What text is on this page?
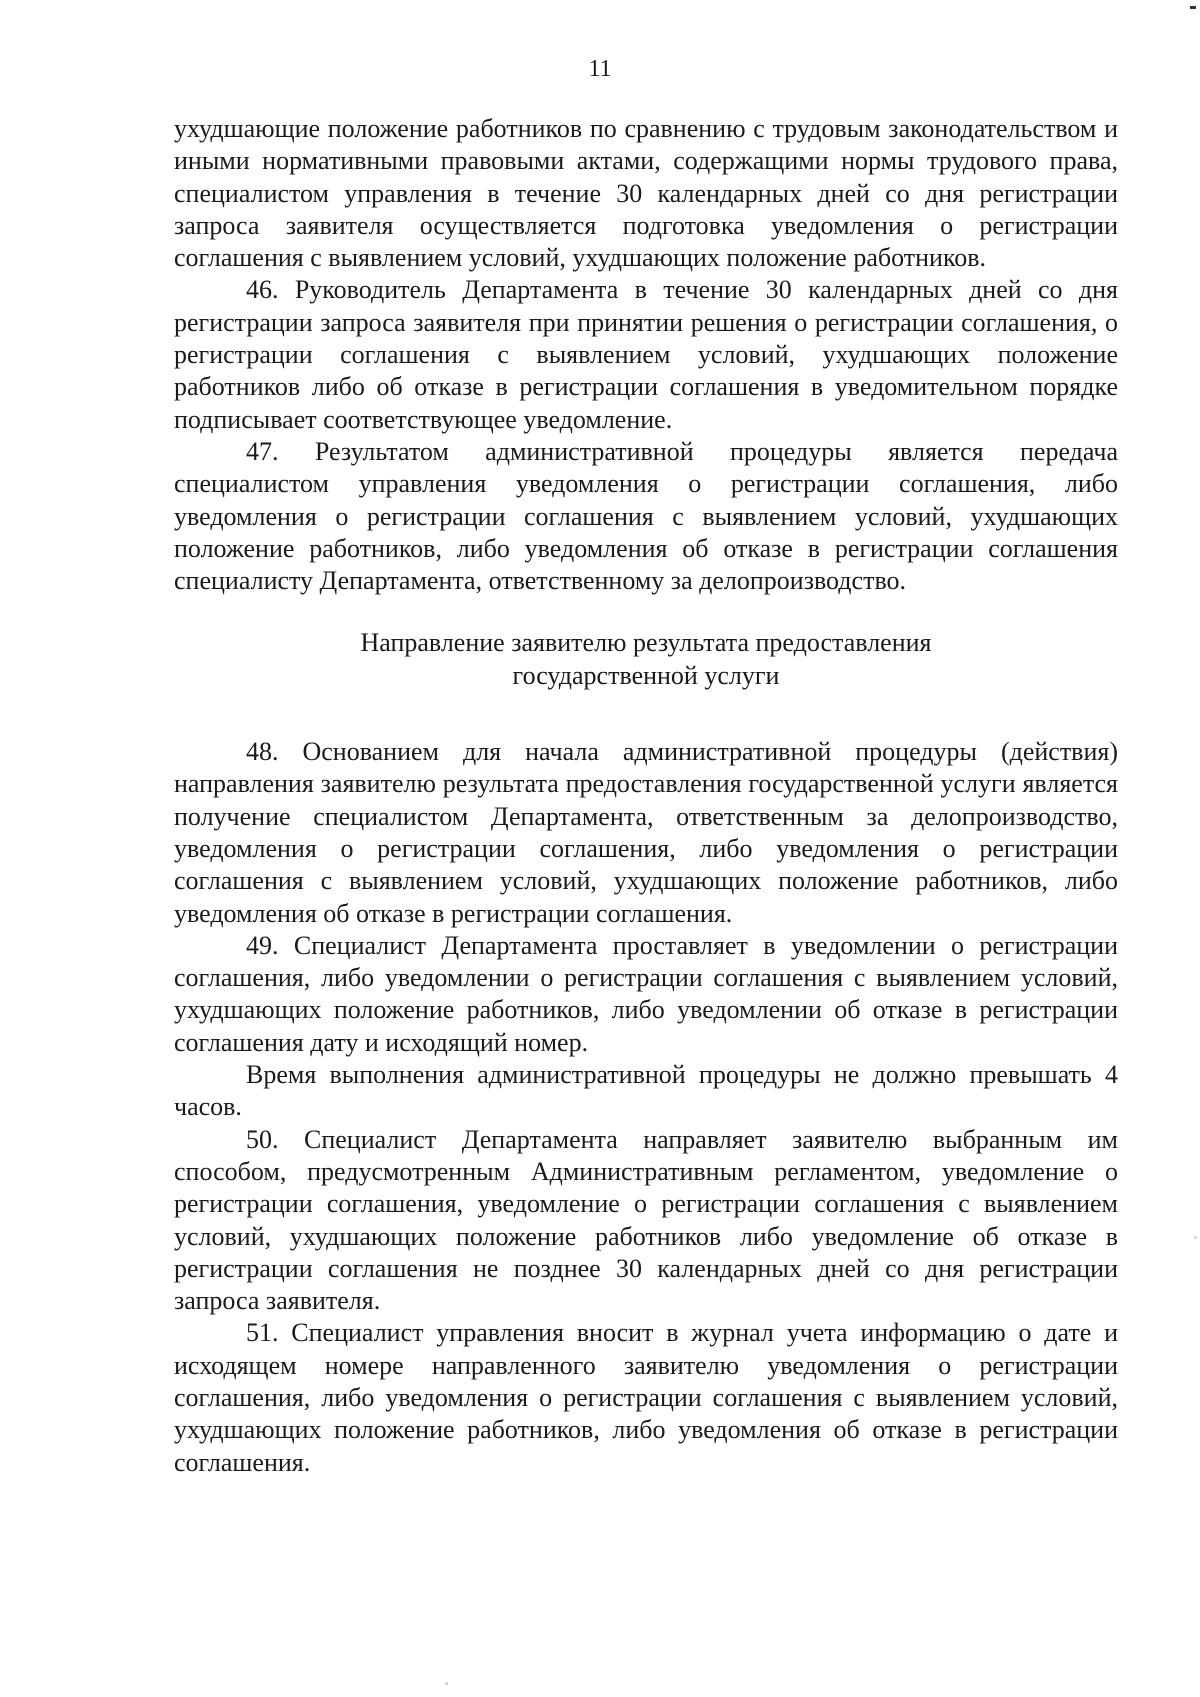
11

ухудшающие положение работников по сравнению с трудовым законодательством и иными нормативными правовыми актами, содержащими нормы трудового права, специалистом управления в течение 30 календарных дней со дня регистрации запроса заявителя осуществляется подготовка уведомления о регистрации соглашения с выявлением условий, ухудшающих положение работников.

46. Руководитель Департамента в течение 30 календарных дней со дня регистрации запроса заявителя при принятии решения о регистрации соглашения, о регистрации соглашения с выявлением условий, ухудшающих положение работников либо об отказе в регистрации соглашения в уведомительном порядке подписывает соответствующее уведомление.

47. Результатом административной процедуры является передача специалистом управления уведомления о регистрации соглашения, либо уведомления о регистрации соглашения с выявлением условий, ухудшающих положение работников, либо уведомления об отказе в регистрации соглашения специалисту Департамента, ответственному за делопроизводство.

Направление заявителю результата предоставления
государственной услуги

48. Основанием для начала административной процедуры (действия) направления заявителю результата предоставления государственной услуги является получение специалистом Департамента, ответственным за делопроизводство, уведомления о регистрации соглашения, либо уведомления о регистрации соглашения с выявлением условий, ухудшающих положение работников, либо уведомления об отказе в регистрации соглашения.

49. Специалист Департамента проставляет в уведомлении о регистрации соглашения, либо уведомлении о регистрации соглашения с выявлением условий, ухудшающих положение работников, либо уведомлении об отказе в регистрации соглашения дату и исходящий номер.

Время выполнения административной процедуры не должно превышать 4 часов.

50. Специалист Департамента направляет заявителю выбранным им способом, предусмотренным Административным регламентом, уведомление о регистрации соглашения, уведомление о регистрации соглашения с выявлением условий, ухудшающих положение работников либо уведомление об отказе в регистрации соглашения не позднее 30 календарных дней со дня регистрации запроса заявителя.

51. Специалист управления вносит в журнал учета информацию о дате и исходящем номере направленного заявителю уведомления о регистрации соглашения, либо уведомления о регистрации соглашения с выявлением условий, ухудшающих положение работников, либо уведомления об отказе в регистрации соглашения.
